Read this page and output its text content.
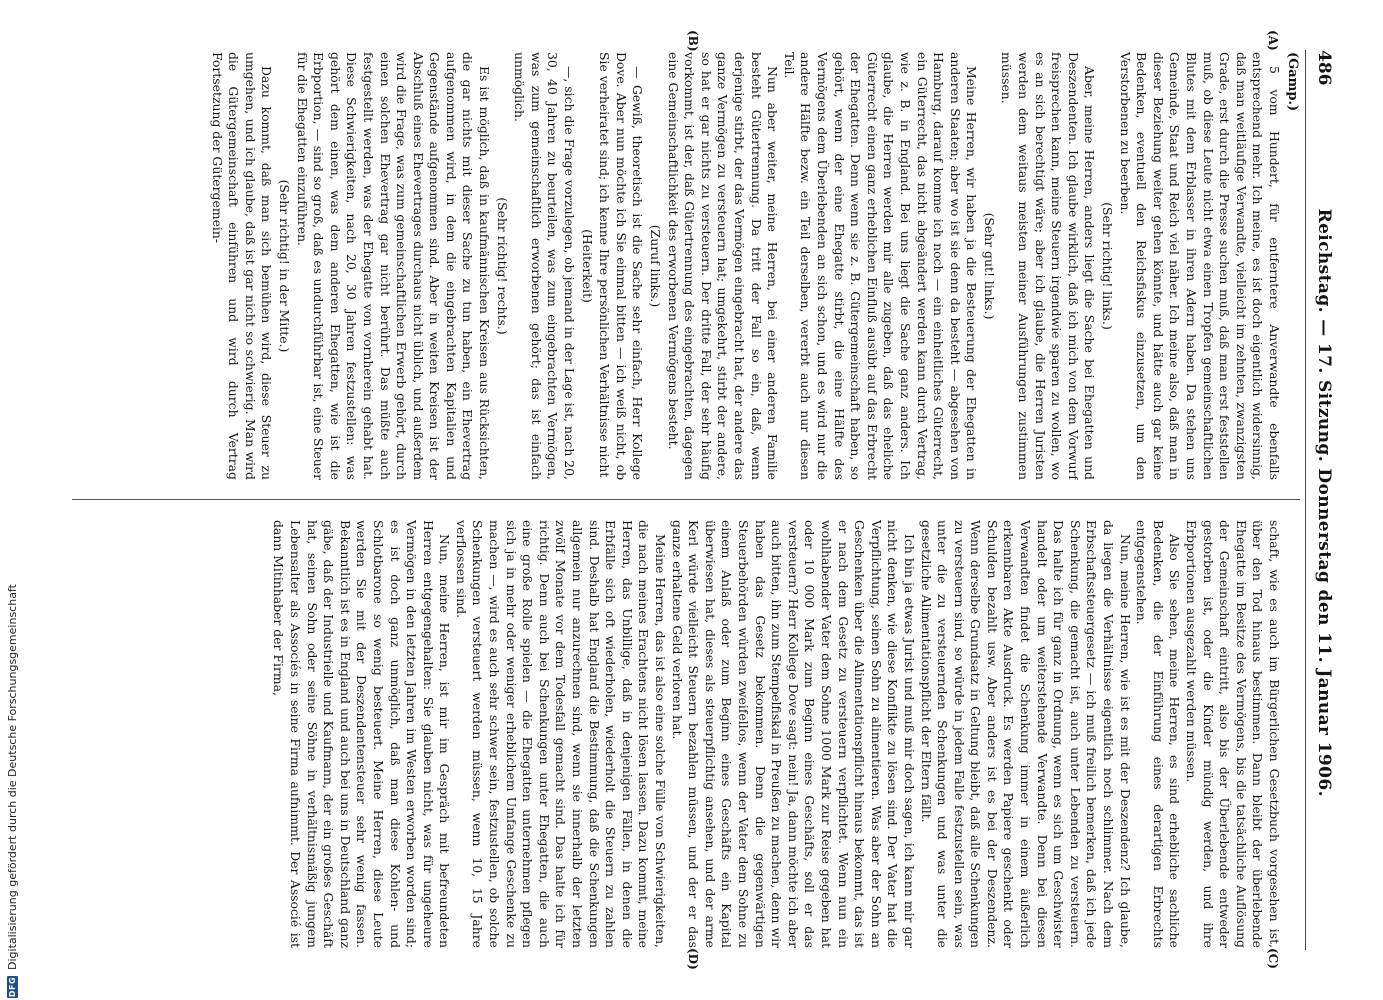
DFG
Digitalisierung gefördert durch die Deutsche Forschungsgemeinschaft
486
Reichstag. — 17. Sitzung. Donnerstag den 11. Januar 1906.
(Gamp.)
(A)
(B)
(C)
(D)

5 vom Hundert, für entferntere Anverwandte ebenfalls entsprechend mehr. Ich meine, es ist doch eigentlich widersinnig, daß man weitläufige Verwandte, vielleicht im zehnten, zwanzigsten Grade, erst durch die Presse suchen muß, daß man erst feststellen muß, ob diese Leute nicht etwa einen Tropfen gemeinschaftlichen Blutes mit dem Erblasser in ihren Adern haben. Da stehen uns Gemeinde, Staat und Reich viel näher. Ich meine also, daß man in dieser Beziehung weiter gehen könnte, und hätte auch gar keine Bedenken, eventuell den Reichsfiskus einzusetzen, um den Verstorbenen zu beerben.

(Sehr richtig! links.)

Aber, meine Herren, anders liegt die Sache bei Ehegatten und Deszendenten. Ich glaube wirklich, daß ich mich von dem Vorwurf freisprechen kann, meine Steuern irgendwie sparen zu wollen, wo es an sich berechtigt wäre; aber ich glaube, die Herren Juristen werden dem weitaus meisten meiner Ausführungen zustimmen müssen.

(Sehr gut! links.)

Meine Herren, wir haben ja die Besteuerung der Ehegatten in anderen Staaten; aber wo ist sie denn da besteht — abgesehen von Hamburg, darauf komme ich noch — ein einheitliches Güterrecht, ein Güterrecht, das nicht abgeändert werden kann durch Vertrag, wie z. B. in England. Bei uns liegt die Sache ganz anders. Ich glaube, die Herren werden mir alle zugeben, daß das eheliche Güterrecht einen ganz erheblichen Einfluß ausübt auf das Erbrecht der Ehegatten. Denn wenn sie z. B. Gütergemeinschaft haben, so gehört, wenn der eine Ehegatte stirbt, die eine Hälfte des Vermögens dem Überlebenden an sich schon, und es wird nur die andere Hälfte bezw. ein Teil derselben, vererbt auch nur diesen Teil.

Nun aber weiter, meine Herren, bei einer anderen Familie besteht Gütertrennung. Da tritt der Fall so ein, daß, wenn derjenige stirbt, der das Vermögen eingebracht hat, der andere das ganze Vermögen zu versteuern hat; umgekehrt, stirbt der andere, so hat er gar nichts zu versteuern. Der dritte Fall, der sehr häufig vorkommt, ist der, daß Gütertrennung des eingebrachten, dagegen eine Gemeinschaftlichkeit des erworbenen Vermögens besteht.

(Zuruf links.)

— Gewiß, theoretisch ist die Sache sehr einfach, Herr Kollege Dove. Aber nun möchte ich Sie einmal bitten — ich weiß nicht, ob Sie verheiratet sind; ich kenne Ihre persönlichen Verhältnisse nicht

(Heiterkeit)

—, sich die Frage vorzulegen, ob jemand in der Lage ist, nach 20, 30, 40 Jahren zu beurteilen, was zum eingebrachten Vermögen, was zum gemeinschaftlich erworbenen gehört; das ist einfach unmöglich.

(Sehr richtig! rechts.)

Es ist möglich, daß in kaufmännischen Kreisen aus Rücksichten, die gar nichts mit dieser Sache zu tun haben, ein Ehevertrag aufgenommen wird, in dem die eingebrachten Kapitalien und Gegenstände aufgenommen sind. Aber in weiten Kreisen ist der Abschluß eines Ehevertrages durchaus nicht üblich, und außerdem wird die Frage, was zum gemeinschaftlichen Erwerb gehört, durch einen solchen Ehevertrag gar nicht berührt. Das müßte auch festgestellt werden, was der Ehegatte von vornherein gehabt hat. Diese Schwierigkeiten, nach 20, 30 Jahren festzustellen: was gehört dem einen, was dem anderen Ehegatten, wie ist die Erbportion, — sind so groß, daß es undurchführbar ist, eine Steuer für die Ehegatten einzuführen.

(Sehr richtig! in der Mitte.)

Dazu kommt, daß man sich bemühen wird, diese Steuer zu umgehen, und ich glaube, daß ist gar nicht so schwierig. Man wird die Gütergemeinschaft einführen und wird durch Vertrag Fortsetzung der Gütergemein-

schaft, wie es auch im Bürgerlichen Gesetzbuch vorgesehen ist, über den Tod hinaus bestimmen. Dann bleibt der überlebende Ehegatte im Besitze des Vermögens, bis die tatsächliche Auflösung der Gemeinschaft eintritt, also bis der Überlebende entweder gestorben ist, oder die Kinder mündig werden, und ihre Erbportionen ausgezahlt werden müssen.

Also Sie sehen, meine Herren, es sind erhebliche sachliche Bedenken, die der Einführung eines derartigen Erbrechts entgegenstehen.

Nun, meine Herren, wie ist es mit der Deszendenz? Ich glaube, da liegen die Verhältnisse eigentlich noch schlimmer. Nach dem Erbschaftssteuergesetz — ich muß freilich bemerken, daß ich jede Schenkung, die gemacht ist, auch unter Lebenden zu versteuern. Das halte ich für ganz in Ordnung, wenn es sich um Geschwister handelt oder um weiterstehende Verwandte. Denn bei diesen Verwandten findet die Schenkung immer in einem äußerlich erkennbaren Akte Ausdruck. Es werden Papiere geschenkt oder Schulden bezahlt usw. Aber anders ist es bei der Deszendenz. Wenn derselbe Grundsatz in Geltung bleibt, daß alle Schenkungen zu versteuern sind, so würde in jedem Falle festzustellen sein, was unter die zu versteuernden Schenkungen und was unter die gesetzliche Alimentationspflicht der Eltern fällt.

Ich bin ja etwas Jurist und muß mir doch sagen, ich kann mir gar nicht denken, wie diese Konflikte zu lösen sind. Der Vater hat die Verpflichtung, seinen Sohn zu alimentieren. Was aber der Sohn an Geschenken über die Alimentationspflicht hinaus bekommt, das ist er nach dem Gesetz zu versteuern verpflichtet. Wenn nun ein wohlhabender Vater dem Sohne 1000 Mark zur Reise gegeben hat oder 10 000 Mark zum Beginn eines Geschäfts, soll er das versteuern? Herr Kollege Dove sagt: nein! Ja, dann möchte ich aber auch bitten, ihn zum Stempelfiskal in Preußen zu machen, denn wir haben das Gesetz bekommen. Denn die gegenwärtigen Steuerbehörden würden zweifellos, wenn der Vater dem Sohne zu einem Anlaß oder zum Beginn eines Geschäfts ein Kapital überwiesen hat, dieses als steuerpflichtig ansehen, und der arme Kerl würde vielleicht Steuern bezahlen müssen, und der er das ganze erhaltene Geld verloren hat.

Meine Herren, das ist also eine solche Fülle von Schwierigkeiten, die nach meines Erachtens nicht lösen lassen. Dazu kommt, meine Herren, das Unbillige, daß in denjenigen Fällen, in denen die Erbfälle sich oft wiederholen, wiederholt die Steuern zu zahlen sind. Deshalb hat England die Bestimmung, daß die Schenkungen allgemein nur anzurechnen sind, wenn sie innerhalb der letzten zwölf Monate vor dem Todesfall gemacht sind. Das halte ich für richtig. Denn auch bei Schenkungen unter Ehegatten, die auch eine große Rolle spielen — die Ehegatten unternehmen pflegen sich ja in mehr oder weniger erheblichem Umfange Geschenke zu machen —, wird es auch sehr schwer sein, festzustellen, ob solche Schenkungen versteuert werden müssen, wenn 10, 15 Jahre verflossen sind.

Nun, meine Herren, ist mir im Gespräch mit befreundeten Herren entgegengehalten: Sie glauben nicht, was für ungeheure Vermögen in den letzten Jahren im Westen erworben worden sind; es ist doch ganz unmöglich, daß man diese Kohlen- und Schlotbarone so wenig besteuert. Meine Herren, diese Leute werden Sie mit der Deszendentensteuer sehr wenig fassen. Bekanntlich ist es in England und auch bei uns in Deutschland ganz gäbe, daß der Industrielle und Kaufmann, der ein großes Geschäft hat, seinen Sohn oder seine Söhne in verhältnismäßig jungem Lebensalter als Associés in seine Firma aufnimmt. Der Associé ist dann Mitinhaber der Firma,
